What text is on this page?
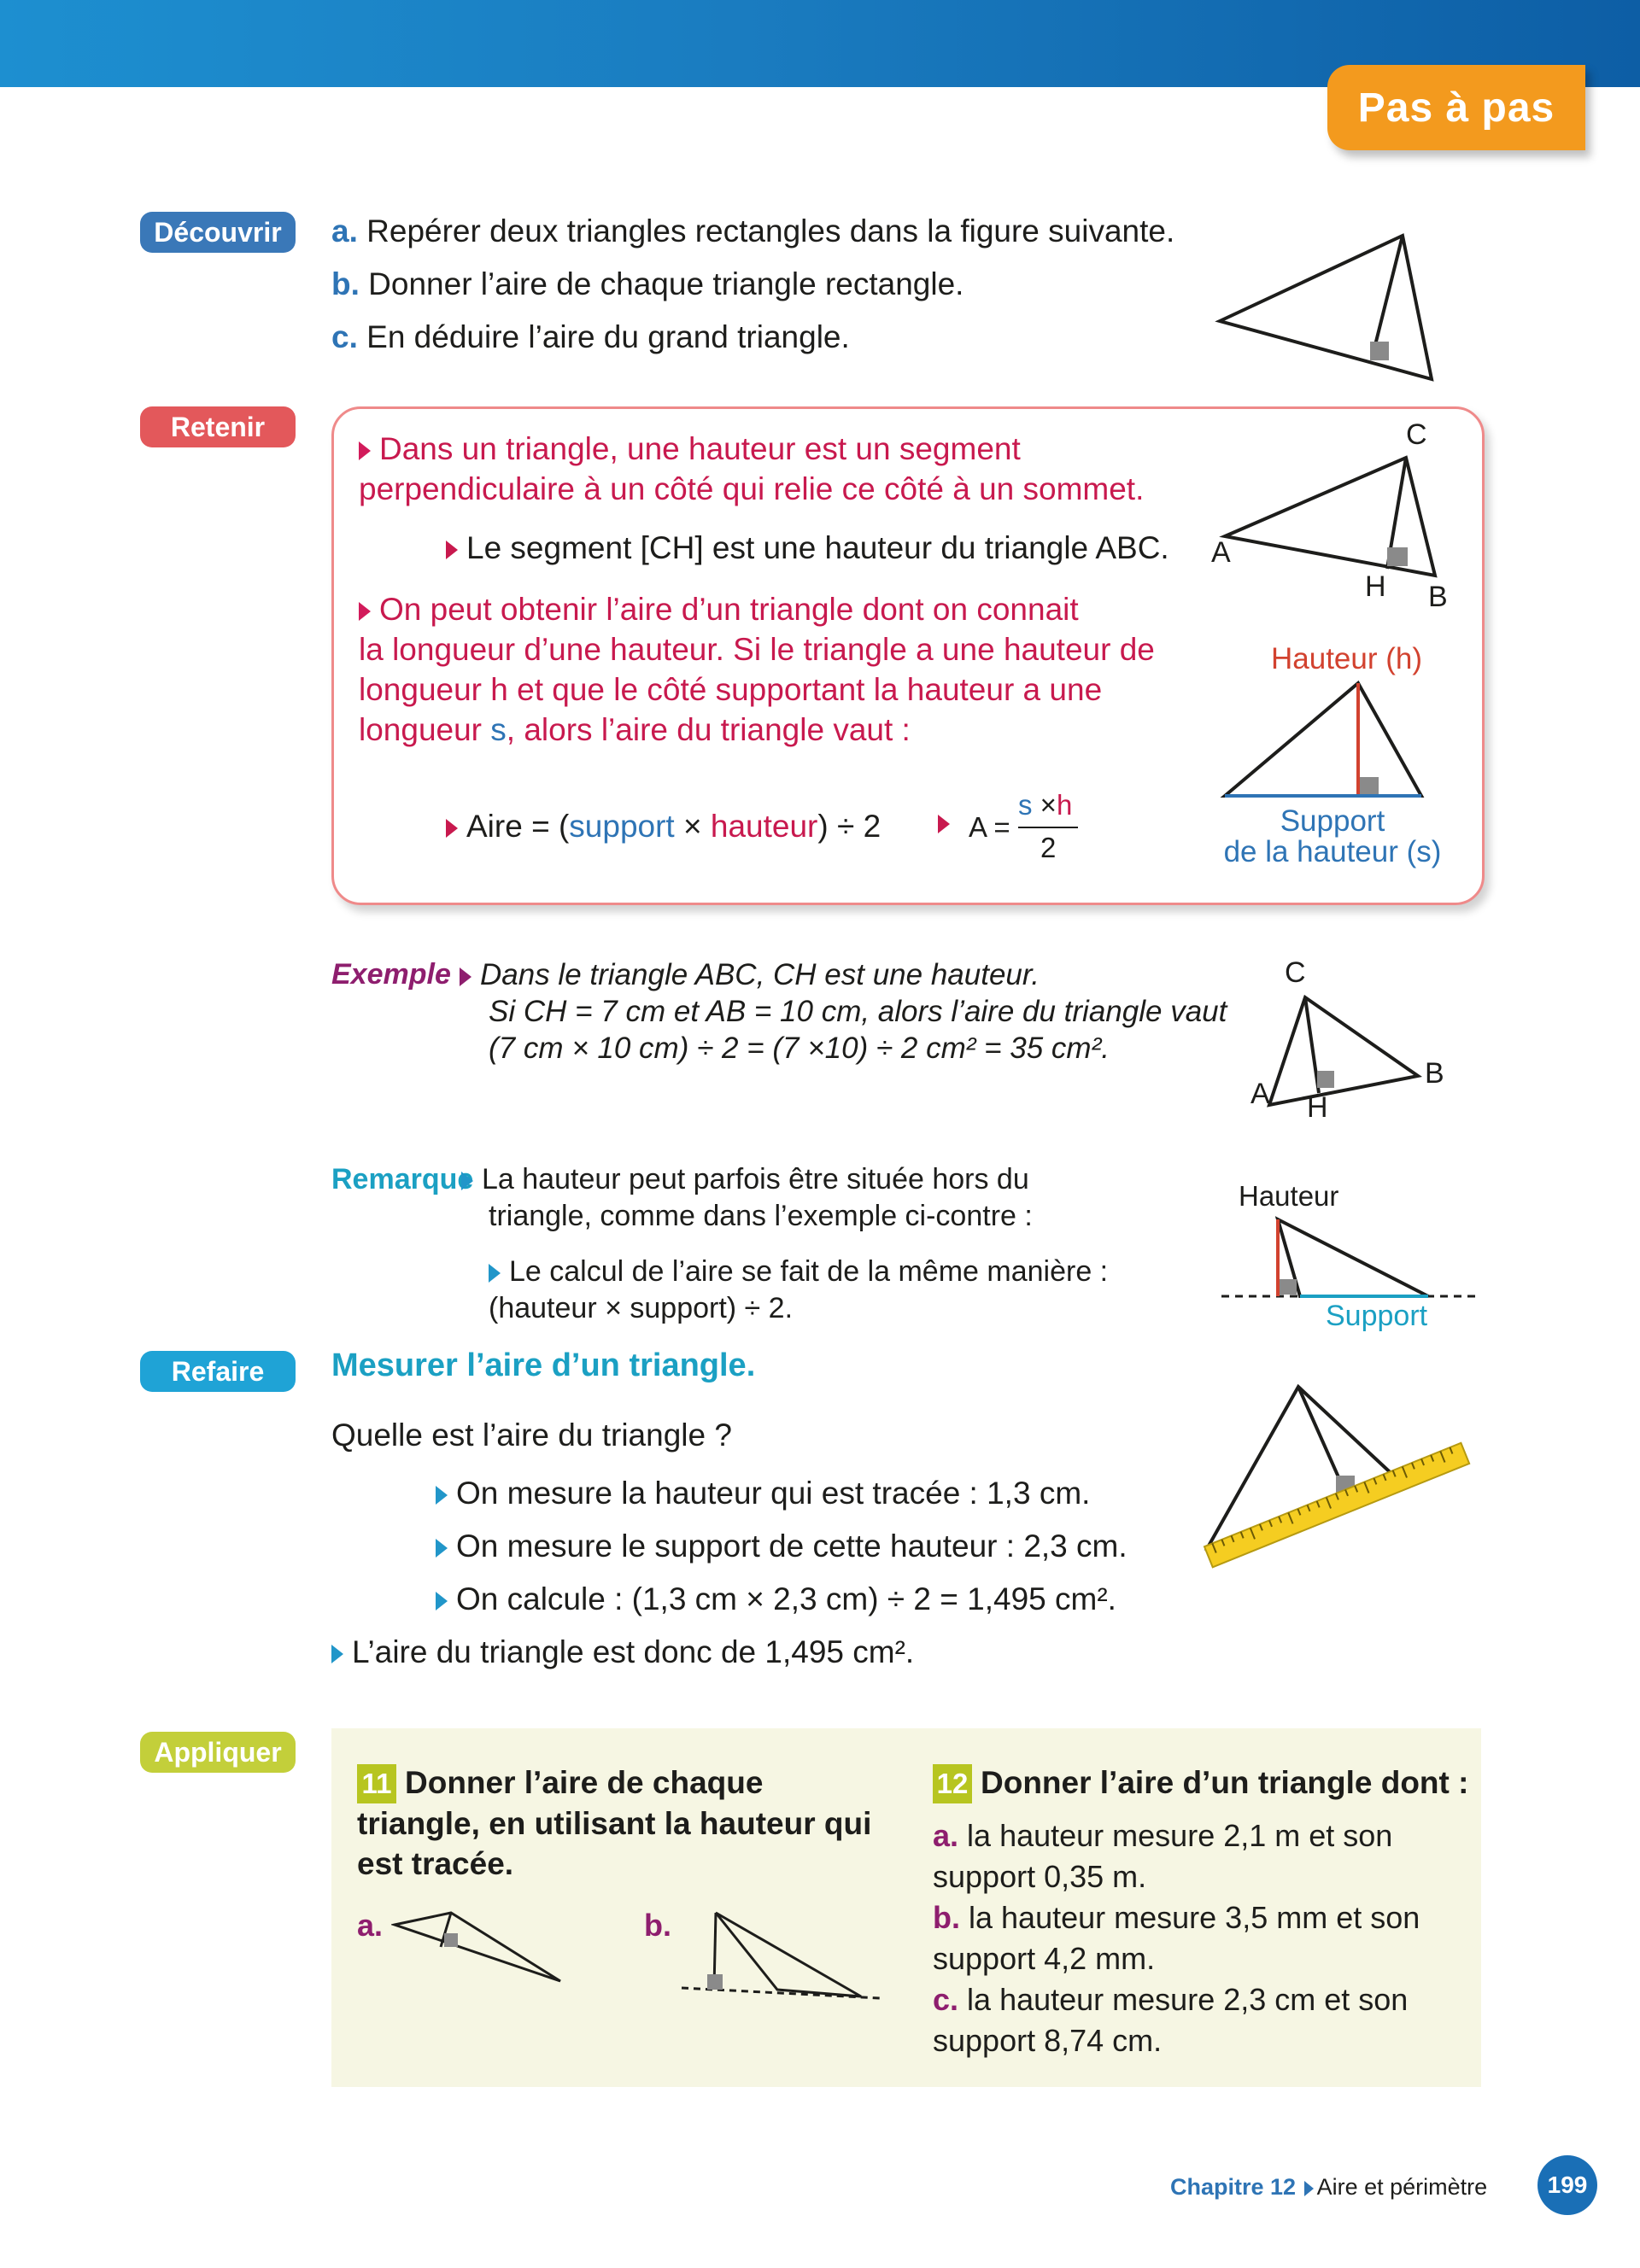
Pas à pas
Découvrir	a. Repérer deux triangles rectangles dans la figure suivante.
b. Donner l’aire de chaque triangle rectangle.
c. En déduire l’aire du grand triangle.
Retenir
Dans un triangle, une hauteur est un segment
perpendiculaire à un côté qui relie ce côté à un sommet.
Le segment [CH] est une hauteur du triangle ABC.
On peut obtenir l’aire d’un triangle dont on connait
la longueur d’une hauteur. Si le triangle a une hauteur de
longueur h et que le côté supportant la hauteur a une
longueur s, alors l’aire du triangle vaut :
Aire = (support × hauteur) ÷ 2	A =
s ×h
2
C
A
H B
Hauteur (h)
Support
de la hauteur (s)
Exemple Dans le triangle ABC, CH est une hauteur.
Si CH = 7 cm et AB = 10 cm, alors l’aire du triangle vaut
(7 cm × 10 cm) ÷ 2 = (7 ×10) ÷ 2 cm² = 35 cm².
C
A H
B
Remarque La hauteur peut parfois être située hors du
triangle, comme dans l’exemple ci-contre :
Le calcul de l’aire se fait de la même manière :
(hauteur × support) ÷ 2.
Hauteur
Support
Refaire	Mesurer l’aire d’un triangle.
Quelle est l’aire du triangle ?
On mesure la hauteur qui est tracée : 1,3 cm.
On mesure le support de cette hauteur : 2,3 cm.
On calcule : (1,3 cm × 2,3 cm) ÷ 2 = 1,495 cm².
L’aire du triangle est donc de 1,495 cm².
Appliquer
11 Donner l’aire de chaque
triangle, en utilisant la hauteur qui
est tracée.
a.	b.
12 Donner l’aire d’un triangle dont :
a. la hauteur mesure 2,1 m et son
support 0,35 m.
b. la hauteur mesure 3,5 mm et son
support 4,2 mm.
c. la hauteur mesure 2,3 cm et son
support 8,74 cm.
Chapitre 12 Aire et périmètre	199
